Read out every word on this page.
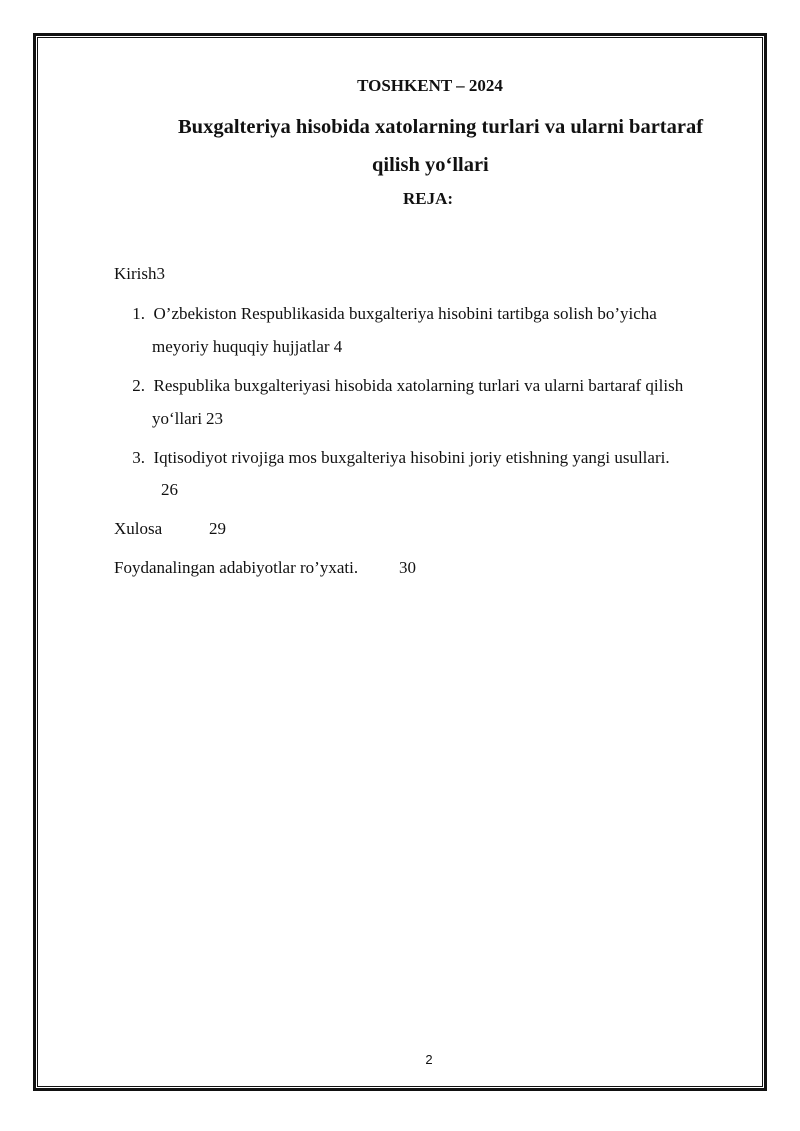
TOSHKENT – 2024
Buxgalteriya hisobida xatolarning turlari va ularni bartaraf
qilish yo‘llari
REJA:
Kirish3
1. O’zbekiston Respublikasida buxgalteriya hisobini tartibga solish bo’yicha
meyoriy huquqiy hujjatlar 4
2. Respublika buxgalteriyasi hisobida xatolarning turlari va ularni bartaraf qilish
yo‘llari 23
3. Iqtisodiyot rivojiga mos buxgalteriya hisobini joriy etishning yangi usullari.
26
Xulosa	29
Foydanalingan adabiyotlar ro’yxati. 30
2
